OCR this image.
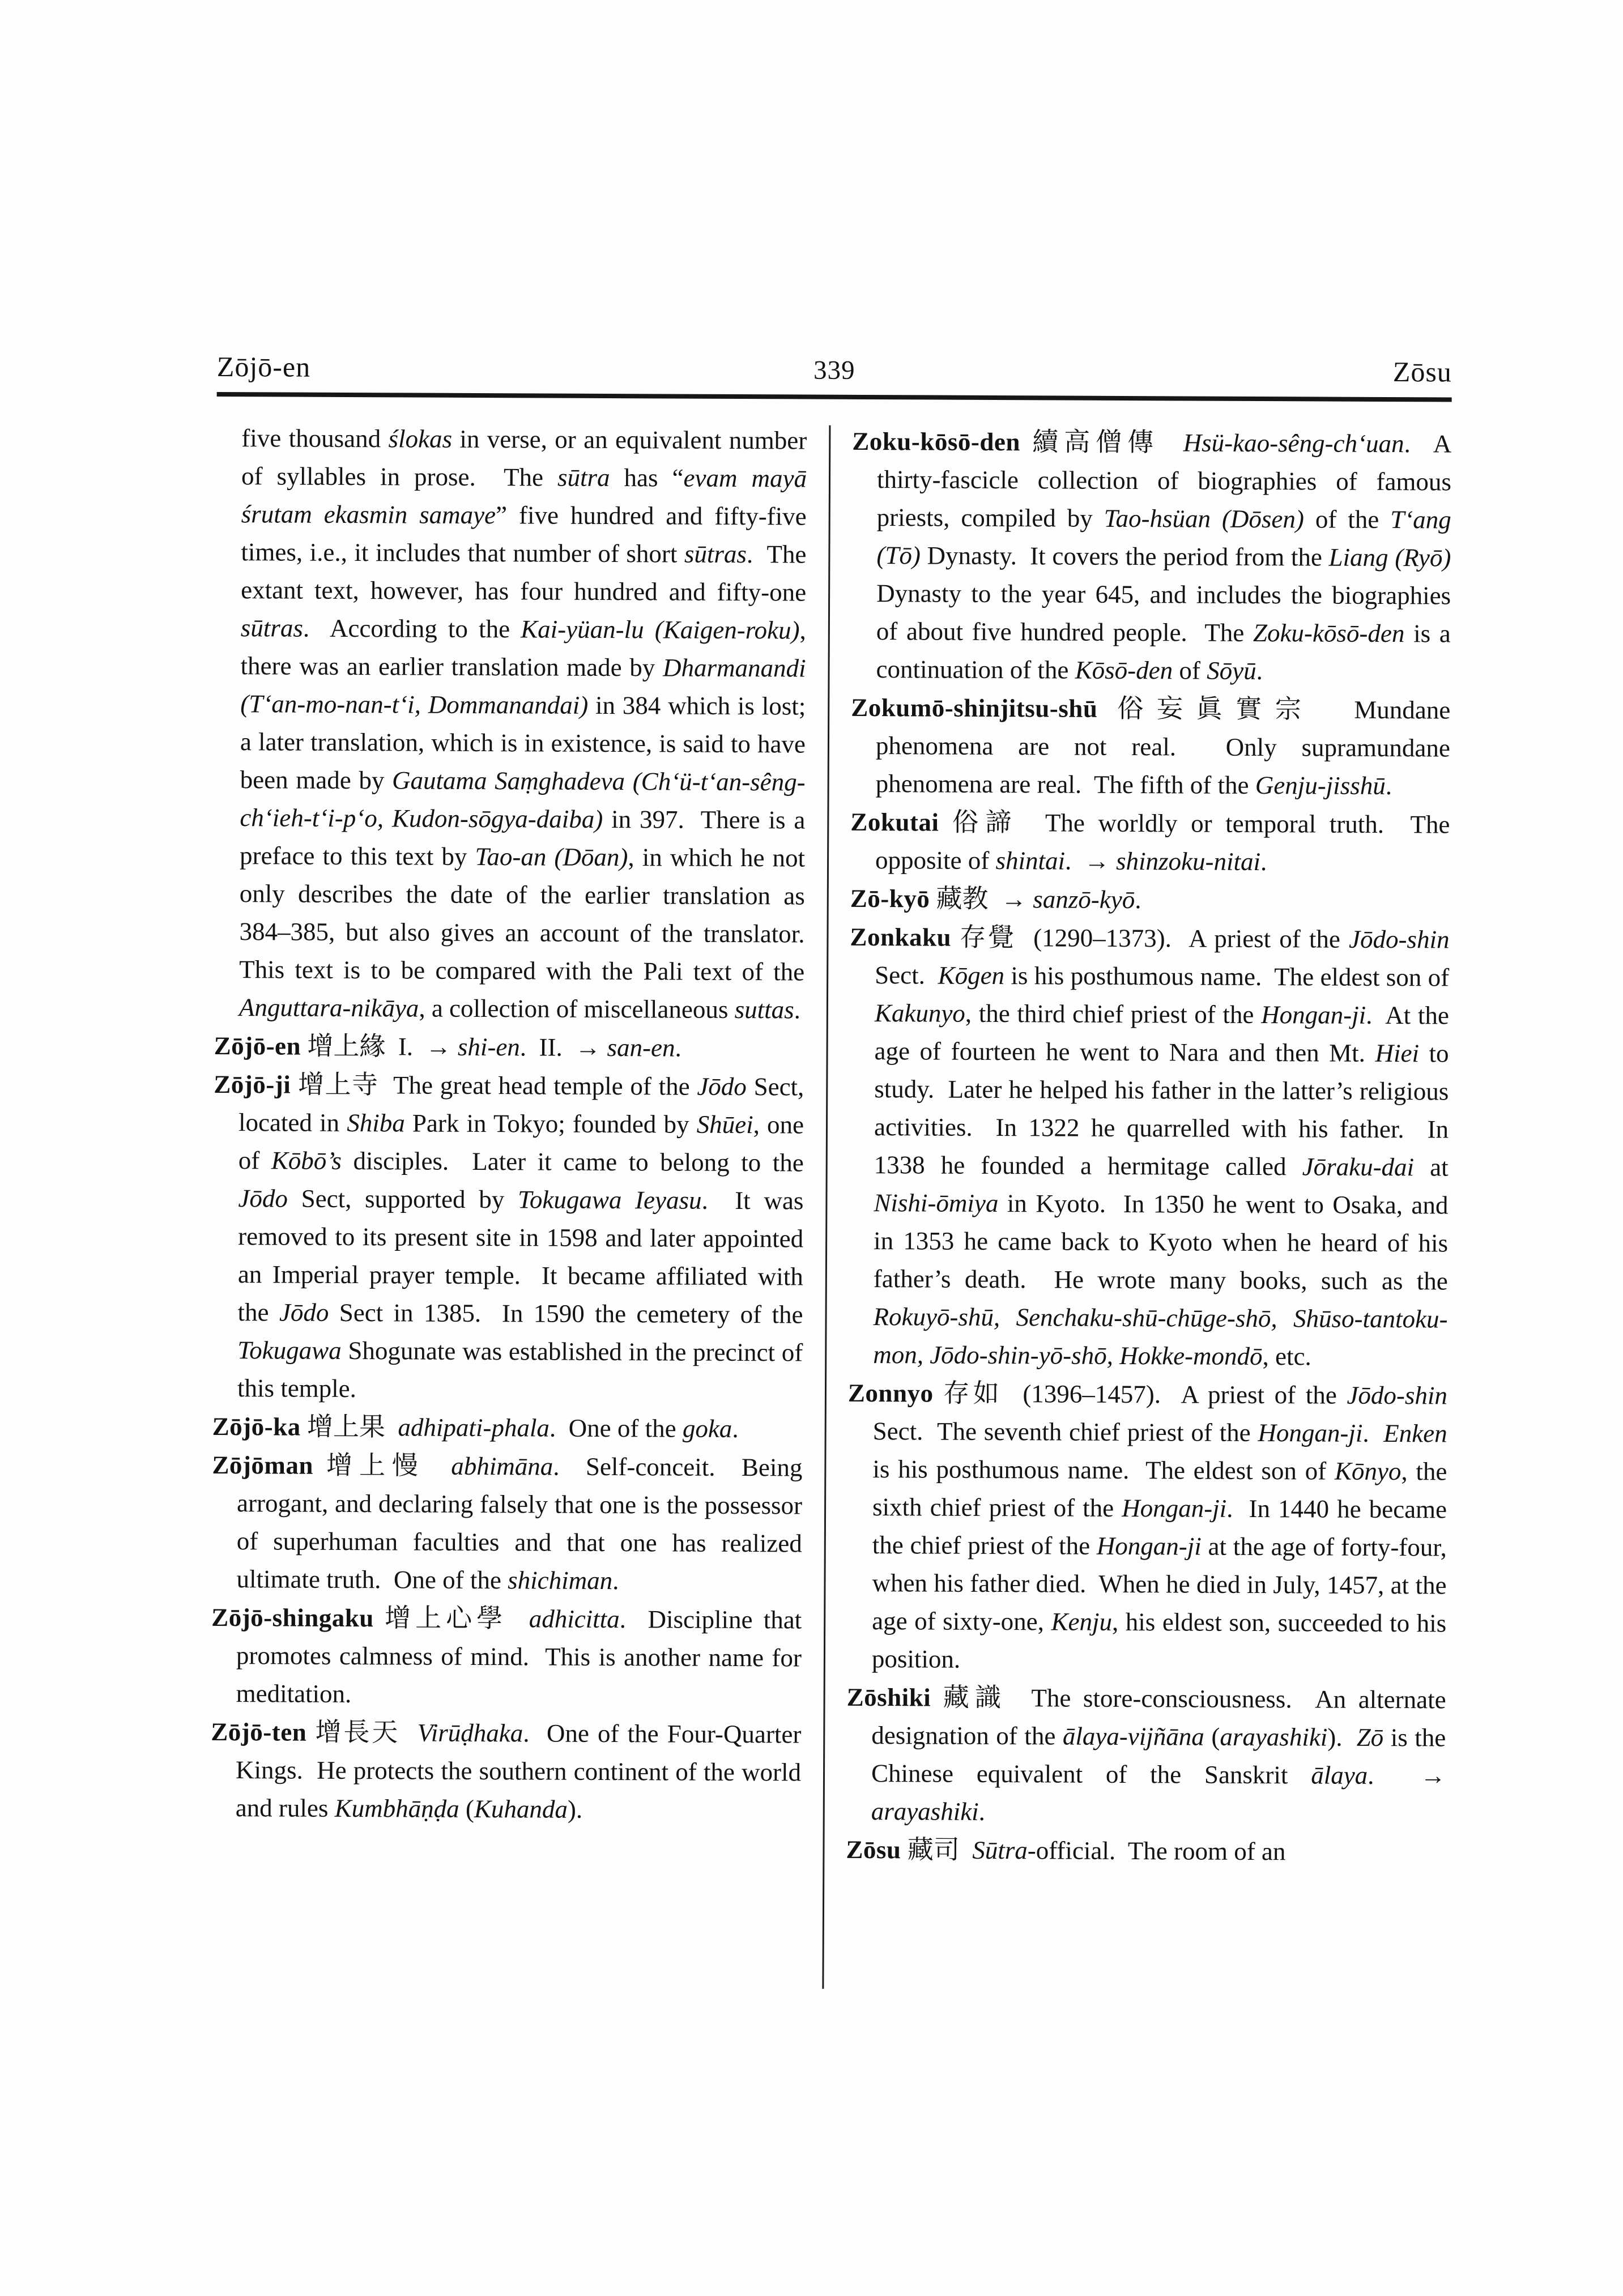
Zōjō-en	339	Zōsu

five thousand ślokas in verse, or an equivalent number of syllables in prose.  The sūtra has “evam mayā śrutam ekasmin samaye” five hundred and fifty-five times, i.e., it includes that number of short sūtras.  The extant text, however, has four hundred and fifty-one sūtras.  According to the Kai-yüan-lu (Kaigen-roku), there was an earlier translation made by Dharmanandi (T‘an-mo-nan-t‘i, Dommanandai) in 384 which is lost; a later translation, which is in existence, is said to have been made by Gautama Saṃghadeva (Ch‘ü-t‘an-sêng-ch‘ieh-t‘i-p‘o, Kudon-sōgya-daiba) in 397.  There is a preface to this text by Tao-an (Dōan), in which he not only describes the date of the earlier translation as 384–385, but also gives an account of the translator.  This text is to be compared with the Pali text of the Anguttara-nikāya, a collection of miscellaneous suttas.

Zōjō-en 增上緣 I.  → shi-en.  II.  → san-en.

Zōjō-ji 增上寺 The great head temple of the Jōdo Sect, located in Shiba Park in Tokyo; founded by Shūei, one of Kōbō’s disciples.  Later it came to belong to the Jōdo Sect, supported by Tokugawa Ieyasu.  It was removed to its present site in 1598 and later appointed an Imperial prayer temple.  It became affiliated with the Jōdo Sect in 1385.  In 1590 the cemetery of the Tokugawa Shogunate was established in the precinct of this temple.

Zōjō-ka 增上果 adhipati-phala.  One of the goka.

Zōjōman 增上慢 abhimāna.  Self-conceit.  Being arrogant, and declaring falsely that one is the possessor of superhuman faculties and that one has realized ultimate truth.  One of the shichiman.

Zōjō-shingaku 增上心學 adhicitta.  Discipline that promotes calmness of mind.  This is another name for meditation.

Zōjō-ten 增長天 Virūḍhaka.  One of the Four-Quarter Kings.  He protects the southern continent of the world and rules Kumbhāṇḍa (Kuhanda).

Zoku-kōsō-den 續高僧傳 Hsü-kao-sêng-ch‘uan.  A thirty-fascicle collection of biographies of famous priests, compiled by Tao-hsüan (Dōsen) of the T‘ang (Tō) Dynasty.  It covers the period from the Liang (Ryō) Dynasty to the year 645, and includes the biographies of about five hundred people.  The Zoku-kōsō-den is a continuation of the Kōsō-den of Sōyū.

Zokumō-shinjitsu-shū 俗妄眞實宗 Mundane phenomena are not real.  Only supramundane phenomena are real.  The fifth of the Genju-jisshū.

Zokutai 俗諦 The worldly or temporal truth.  The opposite of shintai.  → shinzoku-nitai.

Zō-kyō 藏教 → sanzō-kyō.

Zonkaku 存覺 (1290–1373).  A priest of the Jōdo-shin Sect.  Kōgen is his posthumous name.  The eldest son of Kakunyo, the third chief priest of the Hongan-ji.  At the age of fourteen he went to Nara and then Mt. Hiei to study.  Later he helped his father in the latter’s religious activities.  In 1322 he quarrelled with his father.  In 1338 he founded a hermitage called Jōraku-dai at Nishi-ōmiya in Kyoto.  In 1350 he went to Osaka, and in 1353 he came back to Kyoto when he heard of his father’s death.  He wrote many books, such as the Rokuyō-shū, Senchaku-shū-chūge-shō, Shūso-tantoku-mon, Jōdo-shin-yō-shō, Hokke-mondō, etc.

Zonnyo 存如 (1396–1457).  A priest of the Jōdo-shin Sect.  The seventh chief priest of the Hongan-ji.  Enken is his posthumous name.  The eldest son of Kōnyo, the sixth chief priest of the Hongan-ji.  In 1440 he became the chief priest of the Hongan-ji at the age of forty-four, when his father died.  When he died in July, 1457, at the age of sixty-one, Kenju, his eldest son, succeeded to his position.

Zōshiki 藏識 The store-consciousness.  An alternate designation of the ālaya-vijñāna (arayashiki).  Zō is the Chinese equivalent of the Sanskrit ālaya.  → arayashiki.

Zōsu 藏司 Sūtra-official.  The room of an
